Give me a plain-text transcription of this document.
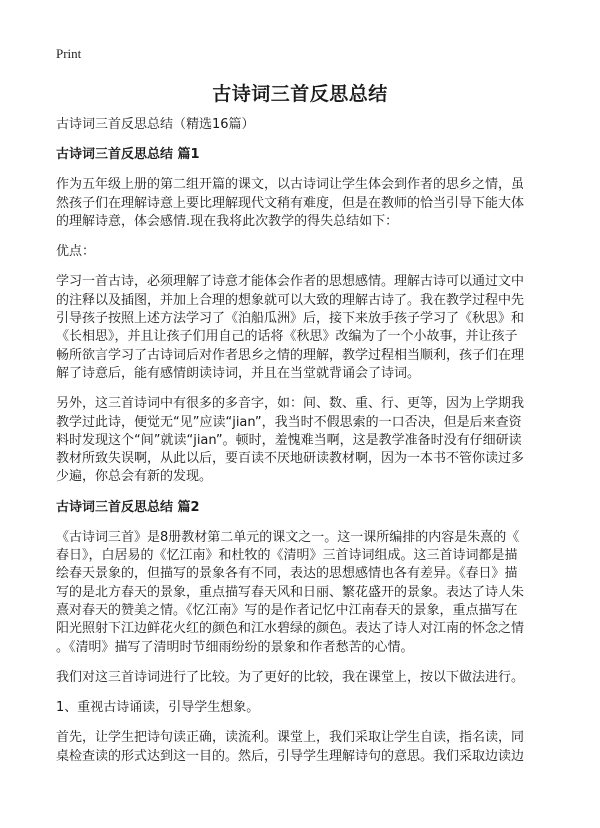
Print
古诗词三首反思总结
古诗词三首反思总结（精选16篇）
古诗词三首反思总结 篇1
作为五年级上册的第二组开篇的课文，以古诗词让学生体会到作者的思乡之情，虽
然孩子们在理解诗意上要比理解现代文稍有难度，但是在教师的恰当引导下能大体
的理解诗意，体会感情.现在我将此次教学的得失总结如下：
优点：
学习一首古诗，必须理解了诗意才能体会作者的思想感情。理解古诗可以通过文中
的注释以及插图，并加上合理的想象就可以大致的理解古诗了。我在教学过程中先
引导孩子按照上述方法学习了《泊船瓜洲》后，接下来放手孩子学习了《秋思》和
《长相思》，并且让孩子们用自己的话将《秋思》改编为了一个小故事，并让孩子
畅所欲言学习了古诗词后对作者思乡之情的理解，教学过程相当顺利，孩子们在理
解了诗意后，能有感情朗读诗词，并且在当堂就背诵会了诗词。
另外，这三首诗词中有很多的多音字，如：间、数、重、行、更等，因为上学期我
教学过此诗，便觉无“见”应读“jian”，我当时不假思索的一口否决，但是后来查资
料时发现这个“间”就读“jian”。顿时，羞愧难当啊，这是教学准备时没有仔细研读
教材所致失误啊，从此以后，要百读不厌地研读教材啊，因为一本书不管你读过多
少遍，你总会有新的发现。
古诗词三首反思总结 篇2
《古诗词三首》是8册教材第二单元的课文之一。这一课所编排的内容是朱熹的《
春日》，白居易的《忆江南》和杜牧的《清明》三首诗词组成。这三首诗词都是描
绘春天景象的，但描写的景象各有不同，表达的思想感情也各有差异。《春日》描
写的是北方春天的景象，重点描写春天风和日丽、繁花盛开的景象。表达了诗人朱
熹对春天的赞美之情。《忆江南》写的是作者记忆中江南春天的景象，重点描写在
阳光照射下江边鲜花火红的颜色和江水碧绿的颜色。表达了诗人对江南的怀念之情
。《清明》描写了清明时节细雨纷纷的景象和作者愁苦的心情。
我们对这三首诗词进行了比较。为了更好的比较，我在课堂上，按以下做法进行。
1、重视古诗诵读，引导学生想象。
首先，让学生把诗句读正确，读流利。课堂上，我们采取让学生自读，指名读，同
桌检查读的形式达到这一目的。然后，引导学生理解诗句的意思。我们采取边读边
